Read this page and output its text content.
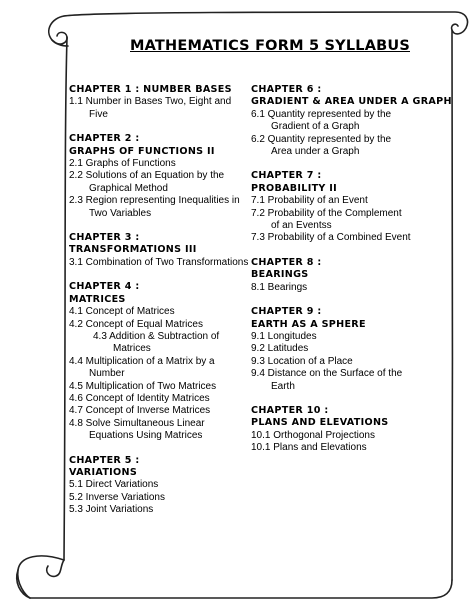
MATHEMATICS FORM 5 SYLLABUS
CHAPTER 1 : NUMBER BASES
1.1 Number in Bases Two, Eight and Five
CHAPTER 2 :
GRAPHS OF FUNCTIONS II
2.1 Graphs of Functions
2.2 Solutions of an Equation by the Graphical Method
2.3 Region representing Inequalities in Two Variables
CHAPTER 3 :
TRANSFORMATIONS III
3.1 Combination of Two Transformations
CHAPTER 4 :
MATRICES
4.1 Concept of Matrices
4.2 Concept of Equal Matrices
4.3 Addition & Subtraction of Matrices
4.4 Multiplication of a Matrix by a Number
4.5 Multiplication of Two Matrices
4.6 Concept of Identity Matrices
4.7 Concept of Inverse Matrices
4.8 Solve Simultaneous Linear Equations Using Matrices
CHAPTER 5 :
VARIATIONS
5.1 Direct Variations
5.2 Inverse Variations
5.3 Joint Variations
CHAPTER 6 :
GRADIENT & AREA UNDER A GRAPH
6.1 Quantity represented by the Gradient of a Graph
6.2 Quantity represented by the Area under a Graph
CHAPTER 7 :
PROBABILITY II
7.1 Probability of an Event
7.2 Probability of the Complement of an Eventss
7.3 Probability of a Combined Event
CHAPTER 8 :
BEARINGS
8.1 Bearings
CHAPTER 9 :
EARTH AS A SPHERE
9.1 Longitudes
9.2 Latitudes
9.3 Location of a Place
9.4 Distance on the Surface of the Earth
CHAPTER 10 :
PLANS AND ELEVATIONS
10.1 Orthogonal Projections
10.1 Plans and Elevations
